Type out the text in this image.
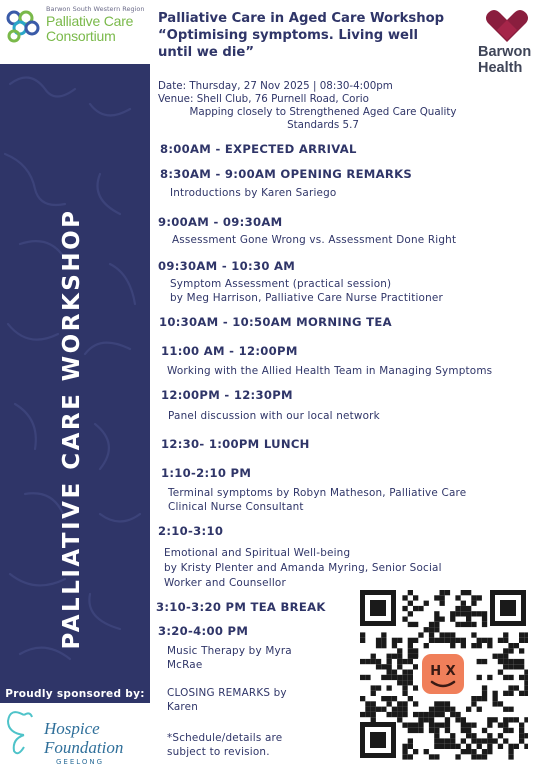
Barwon South Western Region
Palliative Care
Consortium
PALLIATIVE CARE WORKSHOP
Proudly sponsored by:
Hospice
Foundation
GEELONG
Palliative Care in Aged Care Workshop
“Optimising symptoms. Living well
until we die”	Barwon
Health
Date: Thursday, 27 Nov 2025 | 08:30-4:00pm
Venue: Shell Club, 76 Purnell Road, Corio
Mapping closely to Strengthened Aged Care Quality
Standards 5.7
8:00AM - EXPECTED ARRIVAL
8:30AM - 9:00AM OPENING REMARKS
Introductions by Karen Sariego
9:00AM - 09:30AM
Assessment Gone Wrong vs. Assessment Done Right
09:30AM - 10:30 AM
Symptom Assessment (practical session)
by Meg Harrison, Palliative Care Nurse Practitioner
10:30AM - 10:50AM MORNING TEA
11:00 AM - 12:00PM
Working with the Allied Health Team in Managing Symptoms
12:00PM - 12:30PM
Panel discussion with our local network
12:30- 1:00PM LUNCH
1:10-2:10 PM
Terminal symptoms by Robyn Matheson, Palliative Care
Clinical Nurse Consultant
2:10-3:10
Emotional and Spiritual Well-being
by Kristy Plenter and Amanda Myring, Senior Social
Worker and Counsellor
3:10-3:20 PM TEA BREAK
3:20-4:00 PM
Music Therapy by Myra
McRae
CLOSING REMARKS by
Karen
*Schedule/details are
subject to revision.
H X
